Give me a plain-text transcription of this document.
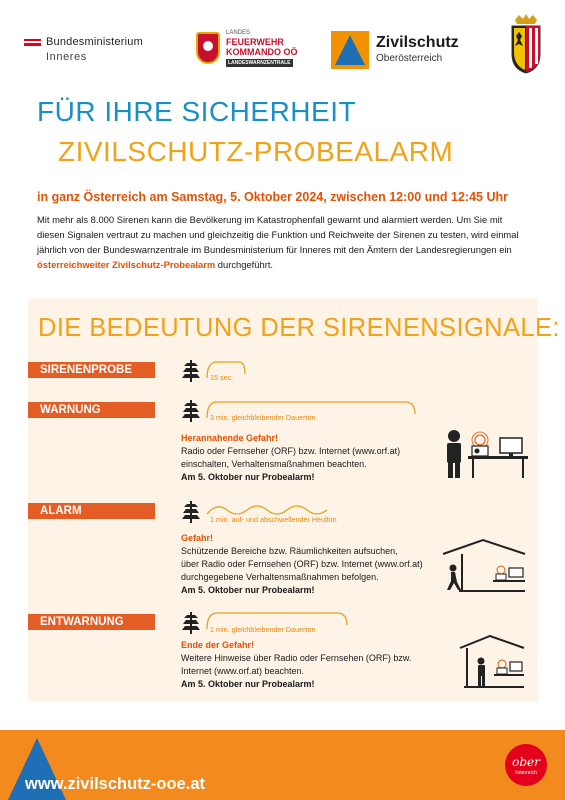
Bundesministerium
Inneres
LANDES
FEUERWEHR
KOMMANDO OÖ
LANDESWARNZENTRALE
Zivilschutz
Oberösterreich
FÜR IHRE SICHERHEIT
ZIVILSCHUTZ-PROBEALARM
in ganz Österreich am Samstag, 5. Oktober 2024, zwischen 12:00 und 12:45 Uhr
Mit mehr als 8.000 Sirenen kann die Bevölkerung im Katastrophenfall gewarnt und alarmiert werden. Um Sie mit diesen Signalen vertraut zu machen und gleichzeitig die Funktion und Reichweite der Sirenen zu testen, wird einmal jährlich von der Bundeswarnzentrale im Bundesministerium für Inneres mit den Ämtern der Landesregierungen ein österreichweiter Zivilschutz-Probealarm durchgeführt.
DIE BEDEUTUNG DER SIRENENSIGNALE:
SIRENENPROBE
15 sec.
WARNUNG
3 min. gleichbleibender Dauerton
Herannahende Gefahr!
Radio oder Fernseher (ORF) bzw. Internet (www.orf.at)
einschalten, Verhaltensmaßnahmen beachten.
Am 5. Oktober nur Probealarm!
ALARM
1 min. auf- und abschwellender Heulton
Gefahr!
Schützende Bereiche bzw. Räumlichkeiten aufsuchen,
über Radio oder Fernsehen (ORF) bzw. Internet (www.orf.at)
durchgegebene Verhaltensmaßnahmen befolgen.
Am 5. Oktober nur Probealarm!
ENTWARNUNG
1 min. gleichbleibender Dauerton
Ende der Gefahr!
Weitere Hinweise über Radio oder Fernsehen (ORF) bzw.
Internet (www.orf.at) beachten.
Am 5. Oktober nur Probealarm!
www.zivilschutz-ooe.at
ober
österreich
